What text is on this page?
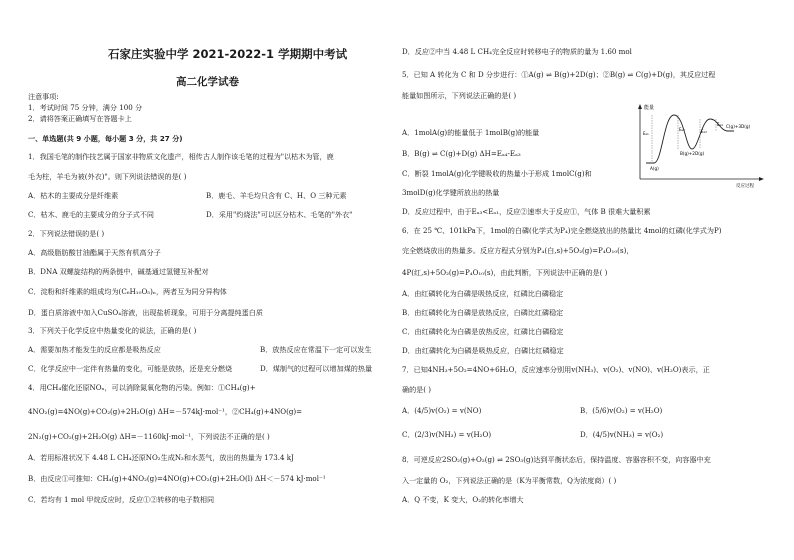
石家庄实验中学 2021-2022-1 学期期中考试
高二化学试卷
注意事项:
1．考试时间 75 分钟，满分 100 分
2．请将答案正确填写在答题卡上
一、单选题(共 9 小题，每小题 3 分，共 27 分)
1．我国毛笔的制作技艺属于国家非物质文化遗产，相传古人制作该毛笔的过程为"以枯木为管，鹿
毛为柱，羊毛为被(外衣)"。则下列说法错误的是( )
A．枯木的主要成分是纤维素	B．鹿毛、羊毛均只含有 C、H、O 三种元素
C．枯木、鹿毛的主要成分的分子式不同	D．采用"灼烧法"可以区分枯木、毛笔的"外衣"
2．下列说法错误的是( )
A．高级脂肪酸甘油酯属于天然有机高分子
B．DNA 双螺旋结构的两条链中，碱基通过氢键互补配对
C．淀粉和纤维素的组成均为(C₆H₁₀O₅)ₙ，两者互为同分异构体
D．蛋白质溶液中加入CuSO₄溶液，出现盐析现象，可用于分离提纯蛋白质
3．下列关于化学反应中热量变化的说法，正确的是( )
A．需要加热才能发生的反应都是吸热反应	B．放热反应在常温下一定可以发生
C．化学反应中一定伴有热量的变化，可能是放热，还是充分燃烧	D．煤制气的过程可以增加煤的热量
4．用CH₄催化还原NOₓ，可以消除氮氧化物的污染。例如：①CH₄(g)+
4NO₂(g)=4NO(g)+CO₂(g)+2H₂O(g) ΔH=－574kJ·mol⁻¹，②CH₄(g)+4NO(g)=
2N₂(g)+CO₂(g)+2H₂O(g) ΔH=－1160kJ·mol⁻¹，下列说法不正确的是( )
A．若用标准状况下 4.48 L CH₄还原NO₂生成N₂和水蒸气，放出的热量为 173.4 kJ
B．由反应①可推知：CH₄(g)+4NO₂(g)=4NO(g)+CO₂(g)+2H₂O(l) ΔH＜－574 kJ·mol⁻¹
C．若均有 1 mol 甲烷反应时，反应①②转移的电子数相同
D．反应②中当 4.48 L CH₄完全反应时转移电子的物质的量为 1.60 mol
5．已知 A 转化为 C 和 D 分步进行：①A(g) ⇌ B(g)+2D(g)；②B(g) ⇌ C(g)+D(g)，其反应过程
能量如图所示，下列说法正确的是( )
A．1molA(g)的能量低于 1molB(g)的能量
B．B(g) ⇌ C(g)+D(g) ΔH=Eₐ₄-Eₐ₃
C．断裂 1molA(g)化学键吸收的热量小于形成 1molC(g)和
3molD(g)化学键所放出的热量
D．反应过程中，由于Eₐ₃<Eₐ₁，反应②速率大于反应①，气体 B 很难大量积累
6．在 25 ℃、101kPa下，1mol的白磷(化学式为P₄)完全燃烧放出的热量比 4mol的红磷(化学式为P)
完全燃烧放出的热量多。反应方程式分别为P₄(白,s)+5O₂(g)=P₄O₁₀(s)，
4P(红,s)+5O₂(g)=P₄O₁₀(s)，由此判断，下列说法中正确的是( )
A．由红磷转化为白磷是吸热反应，红磷比白磷稳定
B．由红磷转化为白磷是放热反应，白磷比红磷稳定
C．由红磷转化为白磷是放热反应，红磷比白磷稳定
D．由红磷转化为白磷是吸热反应，白磷比红磷稳定
7．已知4NH₃+5O₂=4NO+6H₂O，反应速率分别用v(NH₃)、v(O₂)、v(NO)、v(H₂O)表示，正
确的是( )
A．(4/5)v(O₂) = v(NO)	B．(5/6)v(O₂) = v(H₂O)
C．(2/3)v(NH₃) = v(H₂O)	D．(4/5)v(NH₃) = v(O₂)
8．可逆反应2SO₂(g)+O₂(g) ⇌ 2SO₃(g)达到平衡状态后，保持温度、容器容积不变，向容器中充
入一定量的 O₂，下列说法正确的是（K为平衡常数，Q为浓度商）( )
A．Q 不变，K 变大，O₂的转化率增大
能量
反应过程
Eₐ₁
Eₐ₂	Eₐ₃
Eₐ₄
A(g)
B(g)+2D(g)
C(g)+3D(g)
